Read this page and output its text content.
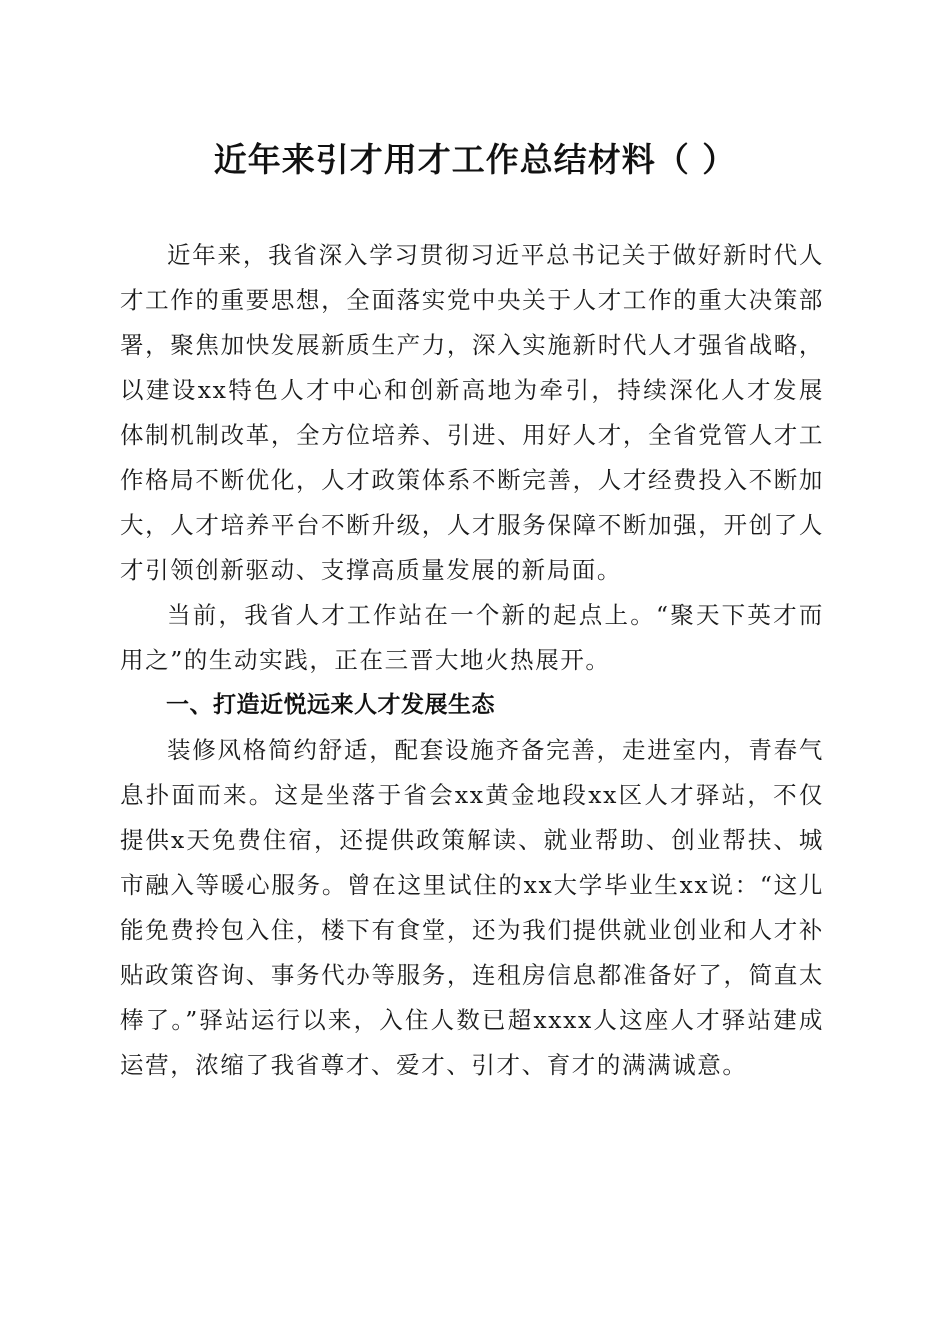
近年来引才用才工作总结材料（ ）

近年来，我省深入学习贯彻习近平总书记关于做好新时代人才工作的重要思想，全面落实党中央关于人才工作的重大决策部署，聚焦加快发展新质生产力，深入实施新时代人才强省战略，以建设xx特色人才中心和创新高地为牵引，持续深化人才发展体制机制改革，全方位培养、引进、用好人才，全省党管人才工作格局不断优化，人才政策体系不断完善，人才经费投入不断加大，人才培养平台不断升级，人才服务保障不断加强，开创了人才引领创新驱动、支撑高质量发展的新局面。

当前，我省人才工作站在一个新的起点上。“聚天下英才而用之”的生动实践，正在三晋大地火热展开。

一、打造近悦远来人才发展生态

装修风格简约舒适，配套设施齐备完善，走进室内，青春气息扑面而来。这是坐落于省会xx黄金地段xx区人才驿站，不仅提供x天免费住宿，还提供政策解读、就业帮助、创业帮扶、城市融入等暖心服务。曾在这里试住的xx大学毕业生xx说：“这儿能免费拎包入住，楼下有食堂，还为我们提供就业创业和人才补贴政策咨询、事务代办等服务，连租房信息都准备好了，简直太棒了。”驿站运行以来，入住人数已超xxxx人这座人才驿站建成运营，浓缩了我省尊才、爱才、引才、育才的满满诚意。
